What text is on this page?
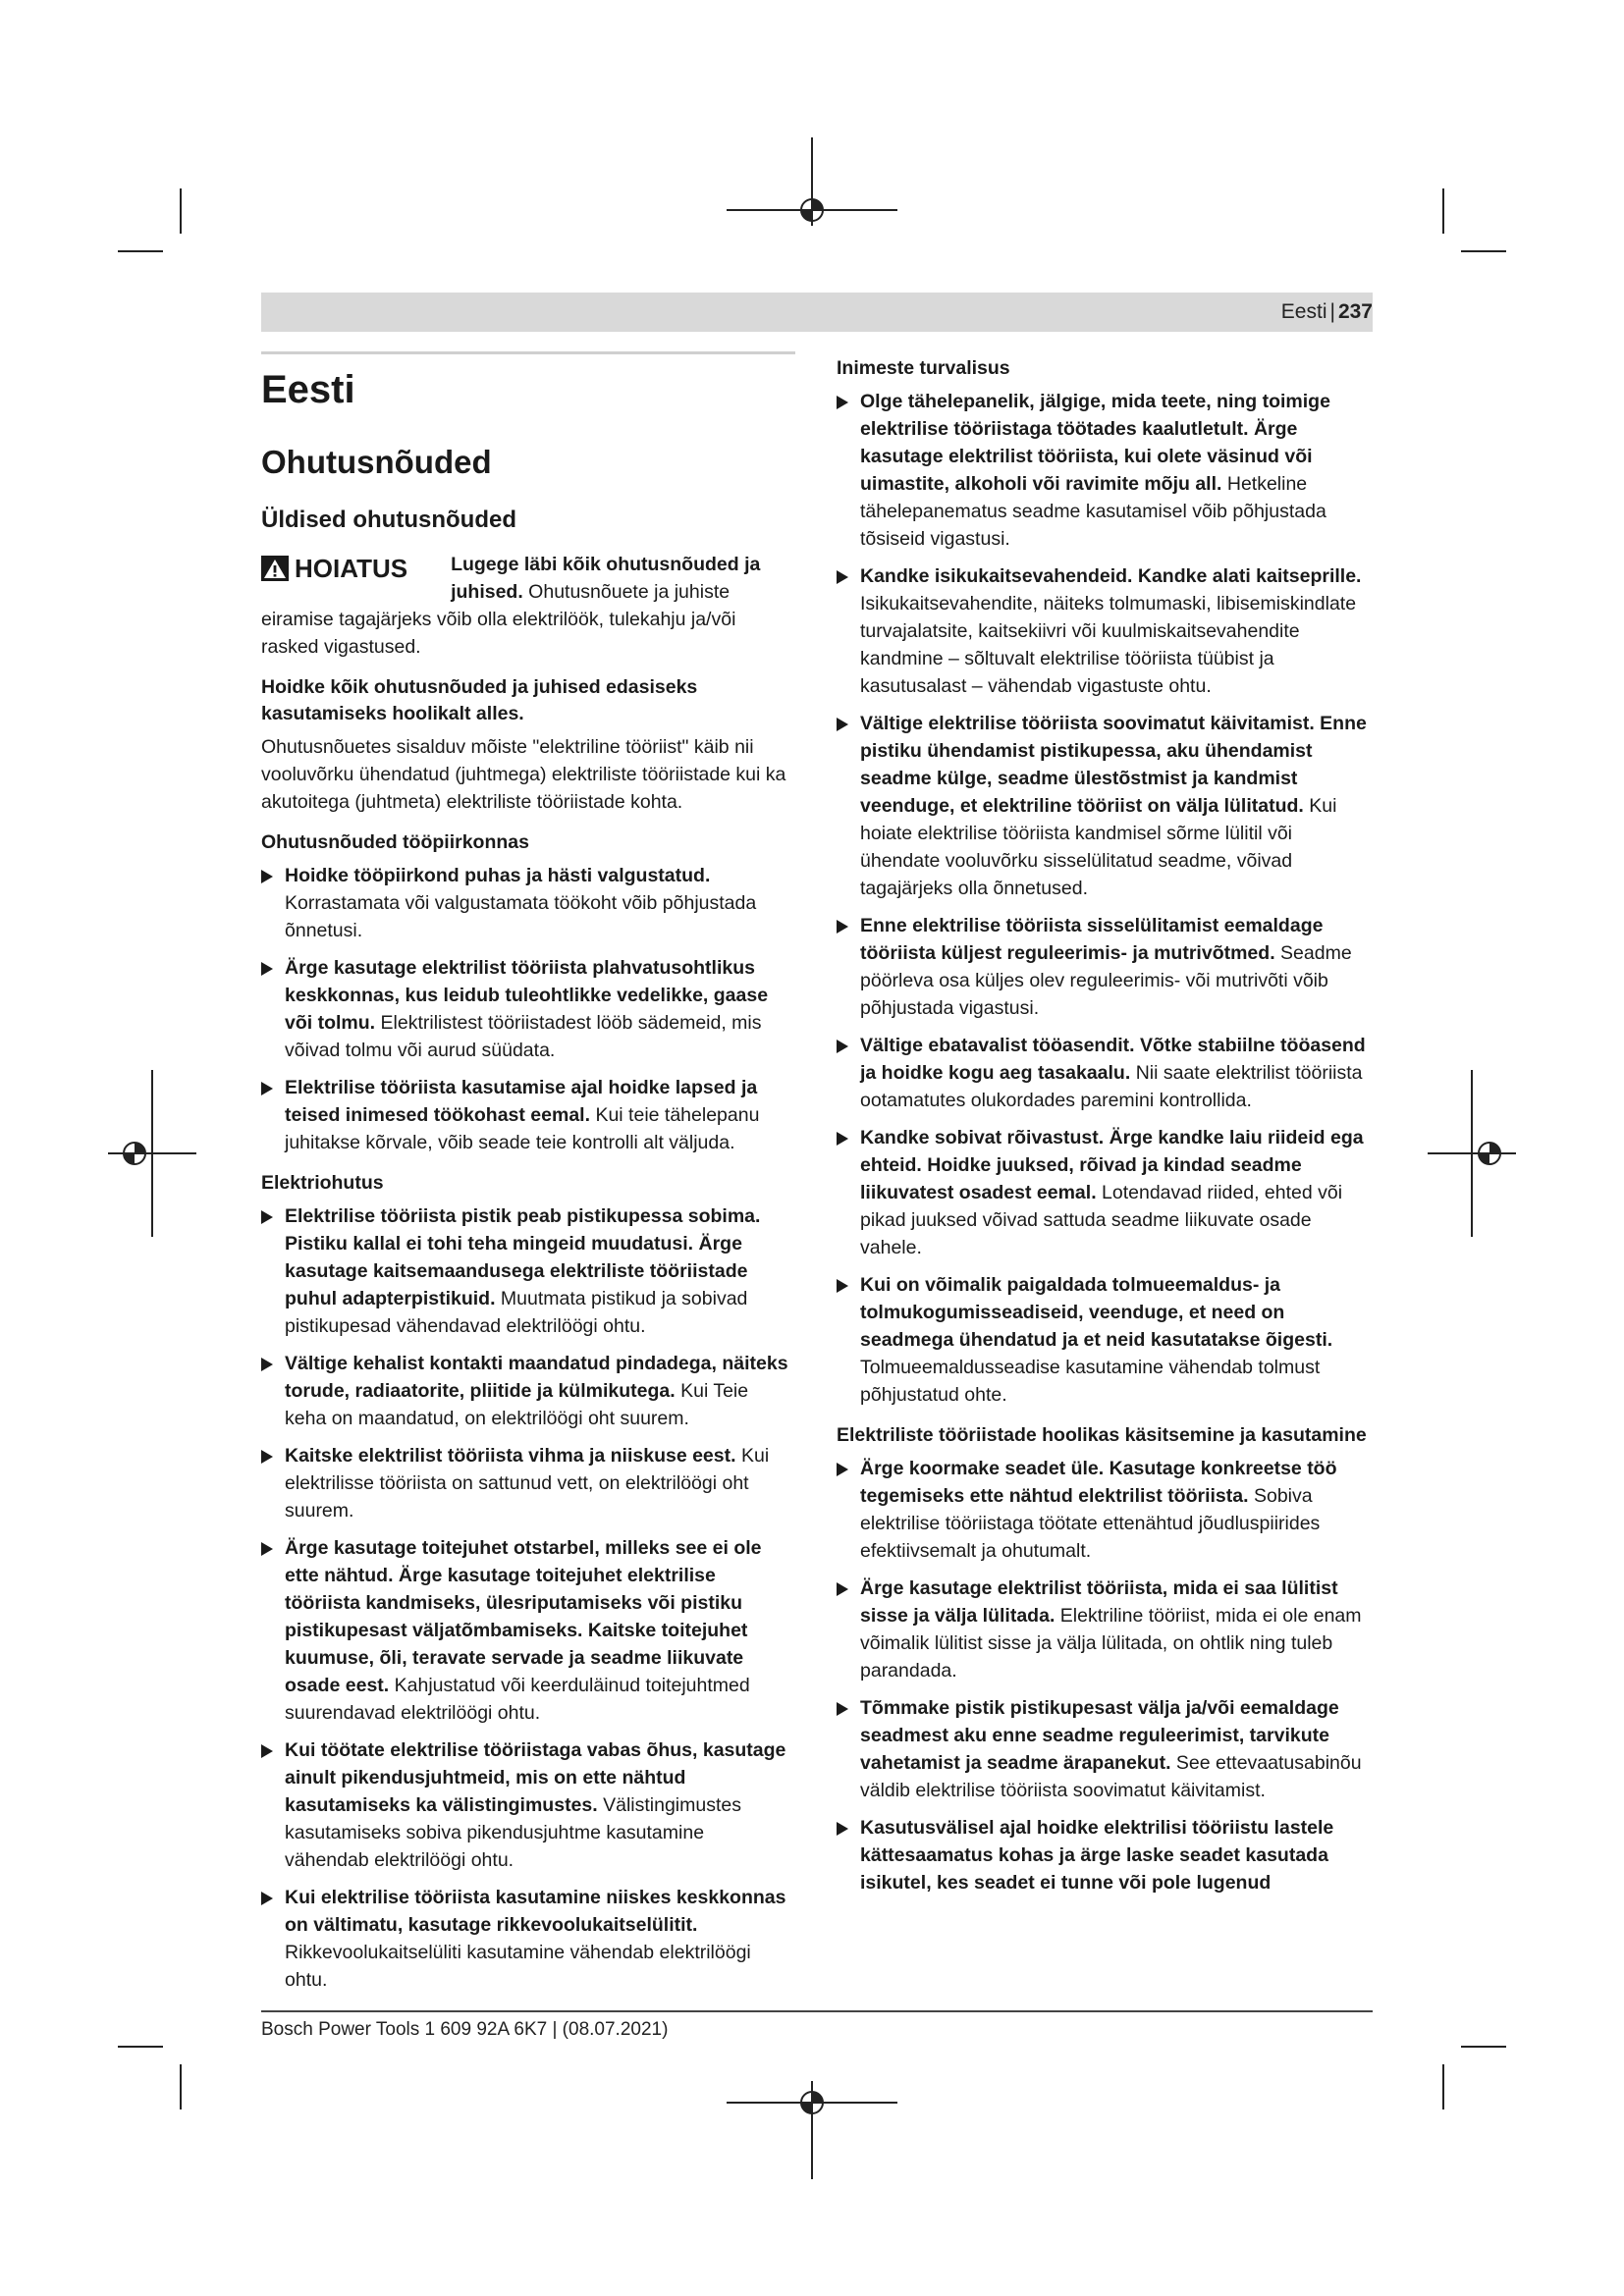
Eesti | 237
Eesti
Ohutusnõuded
Üldised ohutusnõuded
HOIATUS	Lugege läbi kõik ohutusnõuded ja juhised. Ohutusnõuete ja juhiste eiramise tagajärjeks võib olla elektrilöök, tulekahju ja/või rasked vigastused.

Hoidke kõik ohutusnõuded ja juhised edasiseks kasutamiseks hoolikalt alles.

Ohutusnõuetes sisalduv mõiste "elektriline tööriist" käib nii vooluvõrku ühendatud (juhtmega) elektriliste tööriistade kui ka akutoitega (juhtmeta) elektriliste tööriistade kohta.

Ohutusnõuded tööpiirkonnas
Hoidke tööpiirkond puhas ja hästi valgustatud. Korrastamata või valgustamata töökoht võib põhjustada õnnetusi.
Ärge kasutage elektrilist tööriista plahvatusohtlikus keskkonnas, kus leidub tuleohtlikke vedelikke, gaase või tolmu. Elektrilistest tööriistadest lööb sädemeid, mis võivad tolmu või aurud süüdata.
Elektrilise tööriista kasutamise ajal hoidke lapsed ja teised inimesed töökohast eemal. Kui teie tähelepanu juhitakse kõrvale, võib seade teie kontrolli alt väljuda.
Elektriohutus
Elektrilise tööriista pistik peab pistikupessa sobima. Pistiku kallal ei tohi teha mingeid muudatusi. Ärge kasutage kaitsemaandusega elektriliste tööriistade puhul adapterpistikuid. Muutmata pistikud ja sobivad pistikupesad vähendavad elektrilöögi ohtu.
Vältige kehalist kontakti maandatud pindadega, näiteks torude, radiaatorite, pliitide ja külmikutega. Kui Teie keha on maandatud, on elektrilöögi oht suurem.
Kaitske elektrilist tööriista vihma ja niiskuse eest. Kui elektrilisse tööriista on sattunud vett, on elektrilöögi oht suurem.
Ärge kasutage toitejuhet otstarbel, milleks see ei ole ette nähtud. Ärge kasutage toitejuhet elektrilise tööriista kandmiseks, ülesriputamiseks või pistiku pistikupesast väljatõmbamiseks. Kaitske toitejuhet kuumuse, õli, teravate servade ja seadme liikuvate osade eest. Kahjustatud või keerduläinud toitejuhtmed suurendavad elektrilöögi ohtu.
Kui töötate elektrilise tööriistaga vabas õhus, kasutage ainult pikendusjuhtmeid, mis on ette nähtud kasutamiseks ka välistingimustes. Välistingimustes kasutamiseks sobiva pikendusjuhtme kasutamine vähendab elektrilöögi ohtu.
Kui elektrilise tööriista kasutamine niiskes keskkonnas on vältimatu, kasutage rikkevoolukaitselülitit. Rikkevoolukaitselüliti kasutamine vähendab elektrilöögi ohtu.
Inimeste turvalisus
Olge tähelepanelik, jälgige, mida teete, ning toimige elektrilise tööriistaga töötades kaalutletult. Ärge kasutage elektrilist tööriista, kui olete väsinud või uimastite, alkoholi või ravimite mõju all. Hetkeline tähelepanematus seadme kasutamisel võib põhjustada tõsiseid vigastusi.
Kandke isikukaitsevahendeid. Kandke alati kaitseprille. Isikukaitsevahendite, näiteks tolmumaski, libisemiskindlate turvajalatsite, kaitsekiivri või kuulmiskaitsevahendite kandmine – sõltuvalt elektrilise tööriista tüübist ja kasutusalast – vähendab vigastuste ohtu.
Vältige elektrilise tööriista soovimatut käivitamist. Enne pistiku ühendamist pistikupessa, aku ühendamist seadme külge, seadme ülestõstmist ja kandmist veenduge, et elektriline tööriist on välja lülitatud. Kui hoiate elektrilise tööriista kandmisel sõrme lülitil või ühendate vooluvõrku sisselülitatud seadme, võivad tagajärjeks olla õnnetused.
Enne elektrilise tööriista sisselülitamist eemaldage tööriista küljest reguleerimis- ja mutrivõtmed. Seadme pöörleva osa küljes olev reguleerimis- või mutrivõti võib põhjustada vigastusi.
Vältige ebatavalist tööasendit. Võtke stabiilne tööasend ja hoidke kogu aeg tasakaalu. Nii saate elektrilist tööriista ootamatutes olukordades paremini kontrollida.
Kandke sobivat rõivastust. Ärge kandke laiu riideid ega ehteid. Hoidke juuksed, rõivad ja kindad seadme liikuvatest osadest eemal. Lotendavad riided, ehted või pikad juuksed võivad sattuda seadme liikuvate osade vahele.
Kui on võimalik paigaldada tolmueemaldus- ja tolmukogumisseadiseid, veenduge, et need on seadmega ühendatud ja et neid kasutatakse õigesti. Tolmueemaldusseadise kasutamine vähendab tolmust põhjustatud ohte.
Elektriliste tööriistade hoolikas käsitsemine ja kasutamine
Ärge koormake seadet üle. Kasutage konkreetse töö tegemiseks ette nähtud elektrilist tööriista. Sobiva elektrilise tööriistaga töötate ettenähtud jõudluspiirides efektiivsemalt ja ohutumalt.
Ärge kasutage elektrilist tööriista, mida ei saa lülitist sisse ja välja lülitada. Elektriline tööriist, mida ei ole enam võimalik lülitist sisse ja välja lülitada, on ohtlik ning tuleb parandada.
Tõmmake pistik pistikupesast välja ja/või eemaldage seadmest aku enne seadme reguleerimist, tarvikute vahetamist ja seadme ärapanekut. See ettevaatusabinõu väldib elektrilise tööriista soovimatut käivitamist.
Kasutusvälisel ajal hoidke elektrilisi tööriistu lastele kättesaamatus kohas ja ärge laske seadet kasutada isikutel, kes seadet ei tunne või pole lugenud
Bosch Power Tools 1 609 92A 6K7 | (08.07.2021)
